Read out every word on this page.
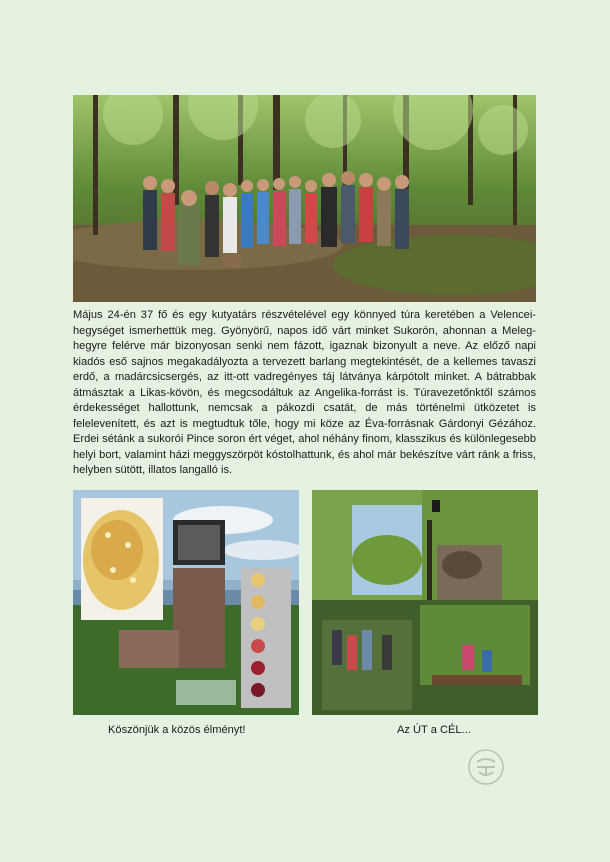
Május 24-én 37 fő és egy kutyatárs részvételével egy könnyed túra keretében a Velencei-hegységet ismerhettük meg. Gyönyörű, napos idő várt minket Sukorón, ahonnan a Meleg-hegyre felérve már bizonyosan senki nem fázott, igaznak bizonyult a neve. Az előző napi kiadós eső sajnos megakadályozta a tervezett barlang megtekintését, de a kellemes tavaszi erdő, a madárcsicsergés, az itt-ott vadregényes táj látványa kárpótolt minket. A bátrabbak átmásztak a Likas-kövön, és megcsodáltuk az Angelika-forrást is. Túravezetőnktől számos érdekességet hallottunk, nemcsak a pákozdi csatát, de más történelmi ütközetet is felelevenített, és azt is megtudtuk tőle, hogy mi köze az Éva-forrásnak Gárdonyi Gézához. Erdei sétánk a sukorói Pince soron ért véget, ahol néhány finom, klasszikus és különlegesebb helyi bort, valamint házi meggyszörpöt kóstolhattunk, és ahol már bekészítve várt ránk a friss, helyben sütött, illatos langalló is.

Köszönjük a közös élményt!	Az ÚT a CÉL...
